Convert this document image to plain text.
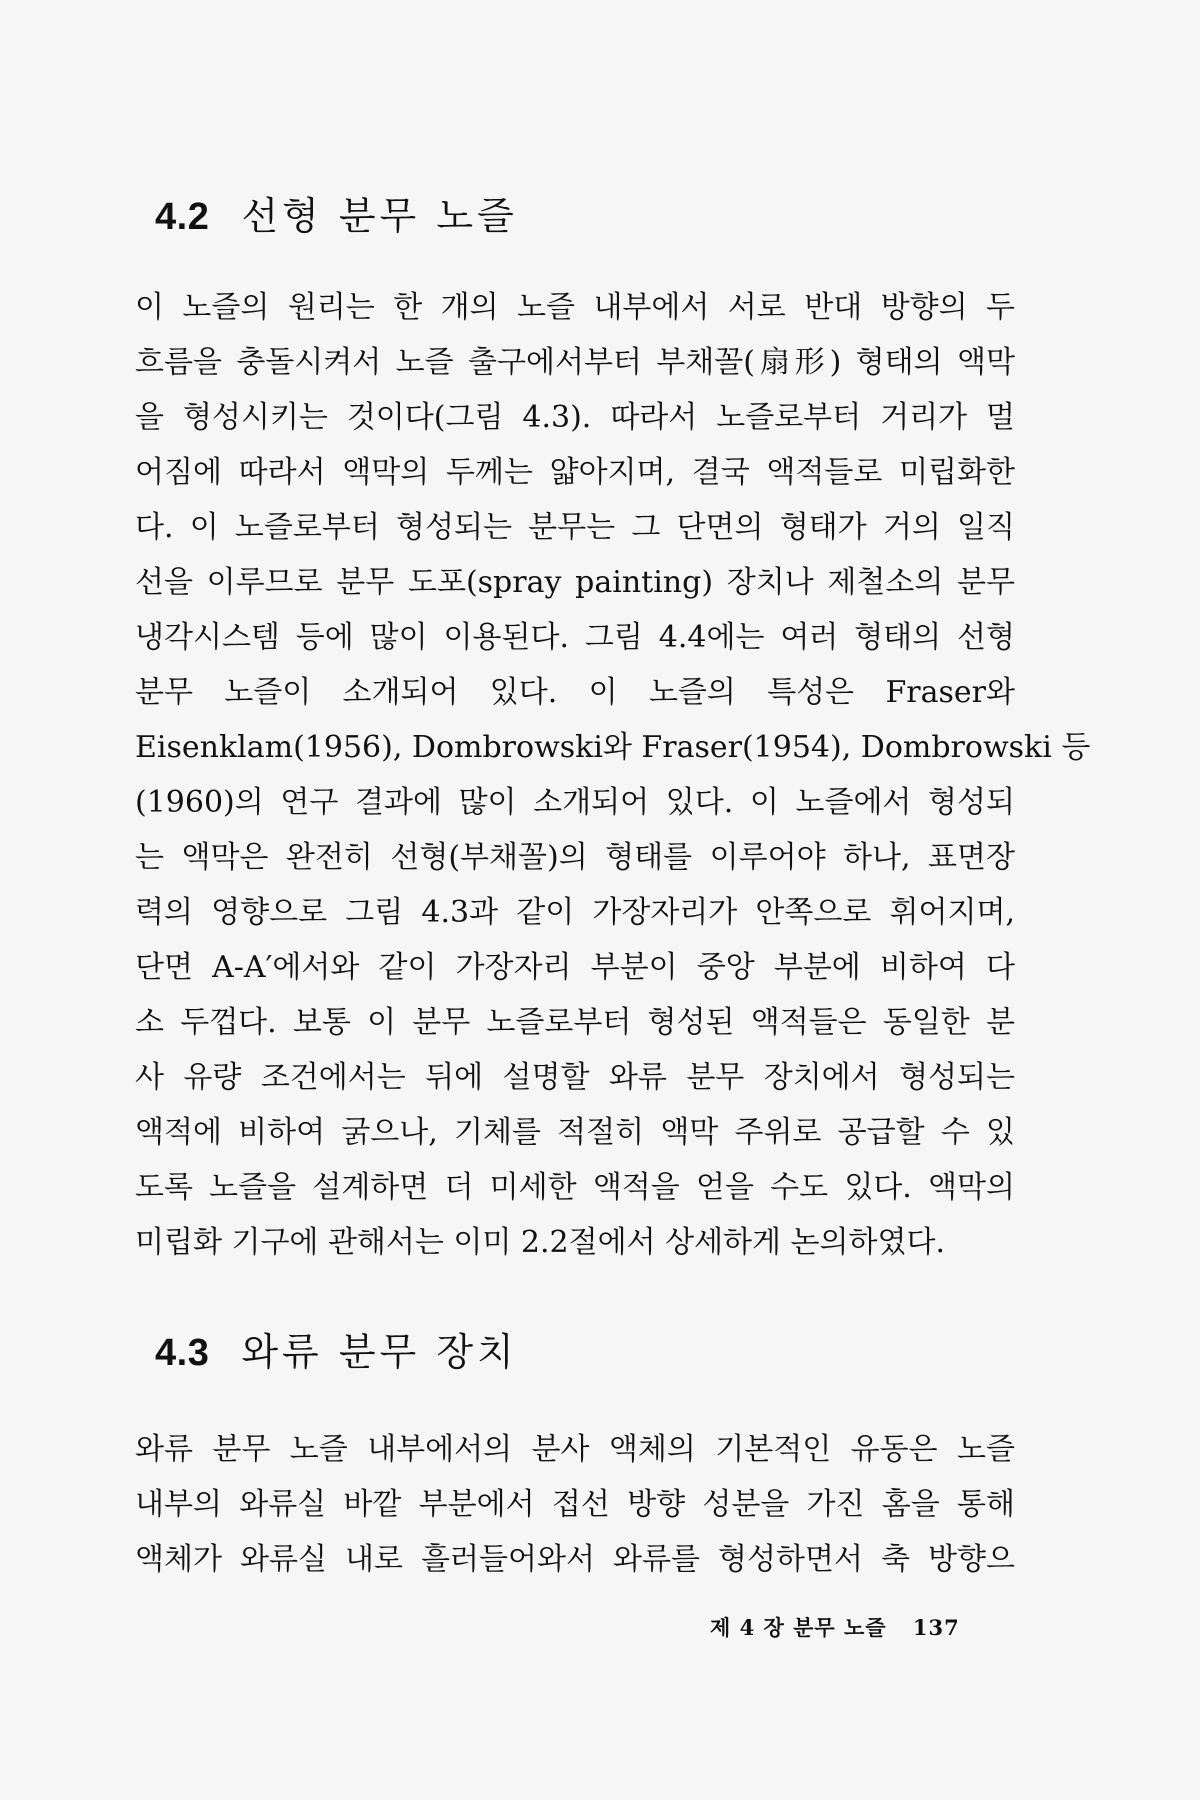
4.2 선형 분무 노즐
이 노즐의 원리는 한 개의 노즐 내부에서 서로 반대 방향의 두
흐름을 충돌시켜서 노즐 출구에서부터 부채꼴(扇形) 형태의 액막
을 형성시키는 것이다(그림 4.3). 따라서 노즐로부터 거리가 멀
어짐에 따라서 액막의 두께는 얇아지며, 결국 액적들로 미립화한
다. 이 노즐로부터 형성되는 분무는 그 단면의 형태가 거의 일직
선을 이루므로 분무 도포(spray painting) 장치나 제철소의 분무
냉각시스템 등에 많이 이용된다. 그림 4.4에는 여러 형태의 선형
분무 노즐이 소개되어 있다. 이 노즐의 특성은 Fraser와
Eisenklam(1956), Dombrowski와 Fraser(1954), Dombrowski 등
(1960)의 연구 결과에 많이 소개되어 있다. 이 노즐에서 형성되
는 액막은 완전히 선형(부채꼴)의 형태를 이루어야 하나, 표면장
력의 영향으로 그림 4.3과 같이 가장자리가 안쪽으로 휘어지며,
단면 A-A′에서와 같이 가장자리 부분이 중앙 부분에 비하여 다
소 두껍다. 보통 이 분무 노즐로부터 형성된 액적들은 동일한 분
사 유량 조건에서는 뒤에 설명할 와류 분무 장치에서 형성되는
액적에 비하여 굵으나, 기체를 적절히 액막 주위로 공급할 수 있
도록 노즐을 설계하면 더 미세한 액적을 얻을 수도 있다. 액막의
미립화 기구에 관해서는 이미 2.2절에서 상세하게 논의하였다.
4.3 와류 분무 장치
와류 분무 노즐 내부에서의 분사 액체의 기본적인 유동은 노즐
내부의 와류실 바깥 부분에서 접선 방향 성분을 가진 홈을 통해
액체가 와류실 내로 흘러들어와서 와류를 형성하면서 축 방향으
제 4 장 분무 노즐 137
